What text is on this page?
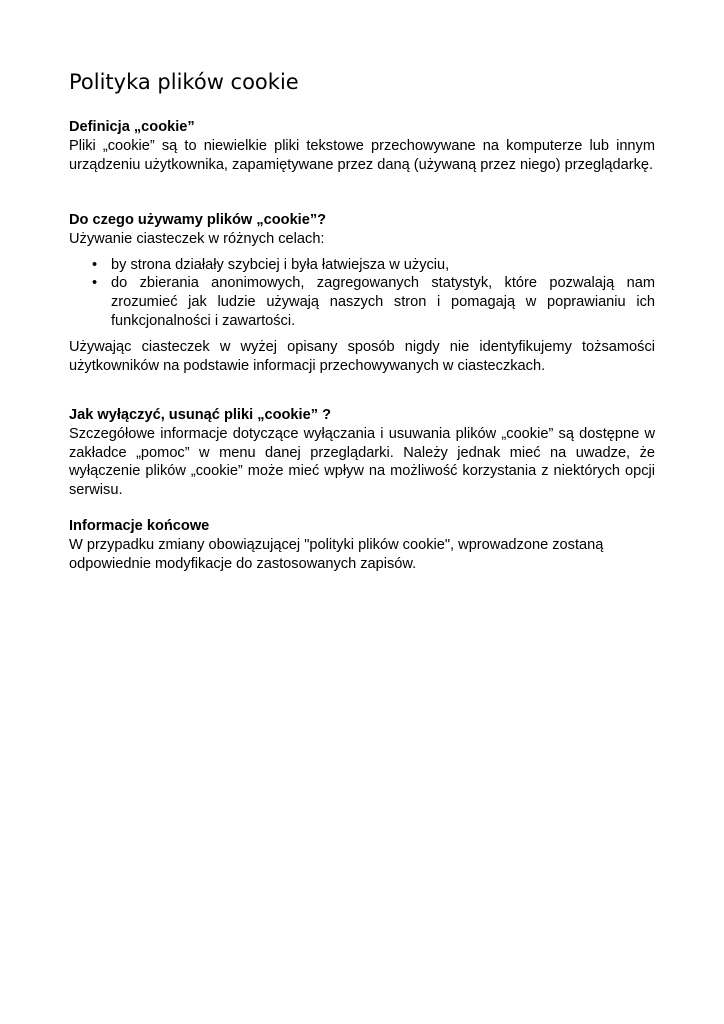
Polityka plików cookie
Definicja „cookie”

Pliki „cookie” są to niewielkie pliki tekstowe przechowywane na komputerze lub innym urządzeniu użytkownika, zapamiętywane przez daną (używaną przez niego) przeglądarkę.

Do czego używamy plików „cookie”?

Używanie ciasteczek w różnych celach:

• by strona działały szybciej i była łatwiejsza w użyciu,
• do zbierania anonimowych, zagregowanych statystyk, które pozwalają nam zrozumieć jak ludzie używają naszych stron i pomagają w poprawianiu ich funkcjonalności i zawartości.

Używając ciasteczek w wyżej opisany sposób nigdy nie identyfikujemy tożsamości użytkowników na podstawie informacji przechowywanych w ciasteczkach.

Jak wyłączyć, usunąć pliki „cookie” ?

Szczegółowe informacje dotyczące wyłączania i usuwania plików „cookie” są dostępne w zakładce „pomoc” w menu danej przeglądarki. Należy jednak mieć na uwadze, że wyłączenie plików „cookie” może mieć wpływ na możliwość korzystania z niektórych opcji serwisu.

Informacje końcowe

W przypadku zmiany obowiązującej "polityki plików cookie", wprowadzone zostaną odpowiednie modyfikacje do zastosowanych zapisów.
